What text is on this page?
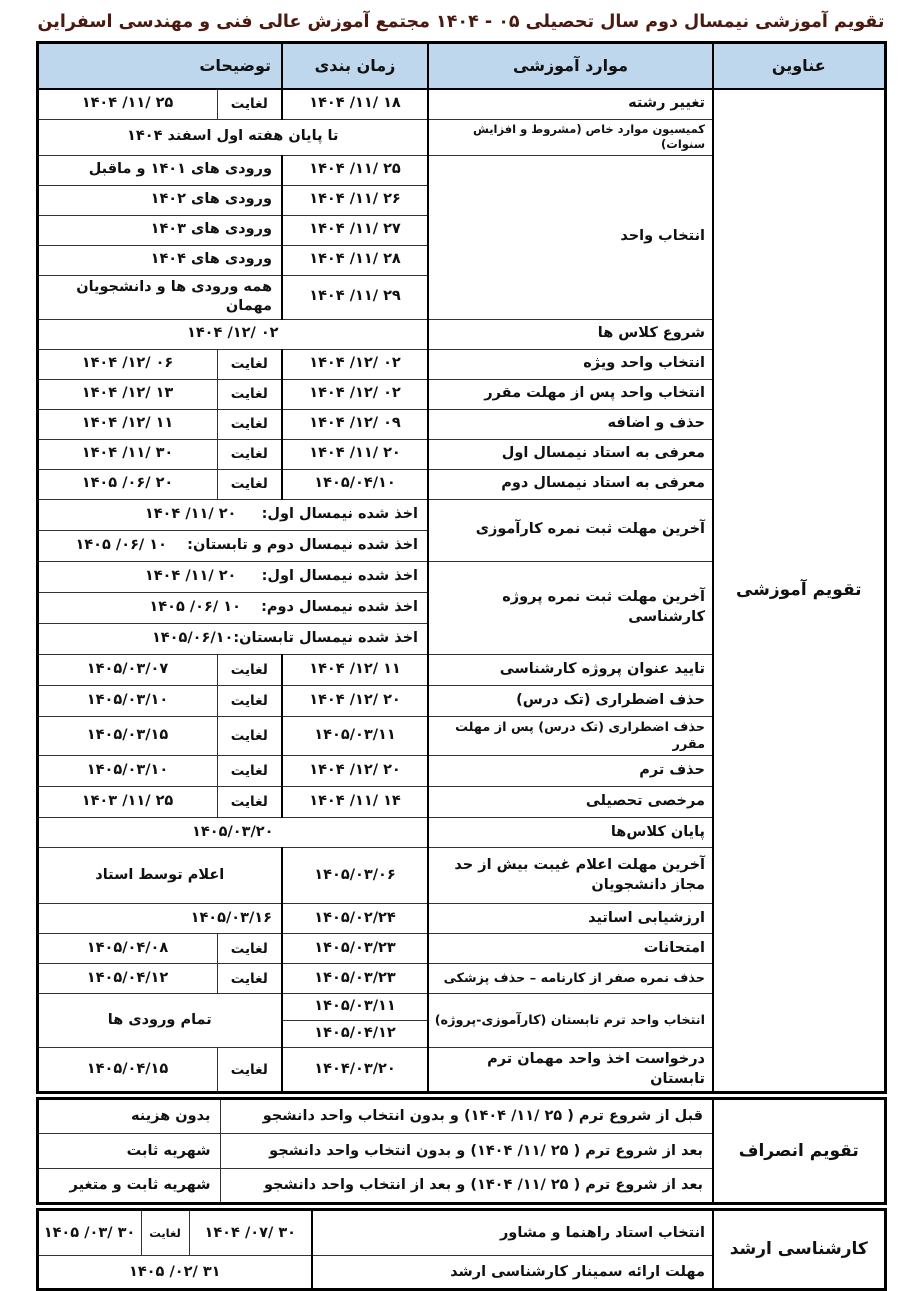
تقویم آموزشی نیمسال دوم سال تحصیلی ۰۵ - ۱۴۰۴ مجتمع آموزش عالی فنی و مهندسی اسفراین
عناوین	موارد آموزشی	زمان بندی	توضیحات	
تقویم آموزشی	تغییر رشته	۱۸ /۱۱/ ۱۴۰۴	لغایت	۲۵ /۱۱/ ۱۴۰۴
	کمیسیون موارد خاص (مشروط و افزایش سنوات)	تا پایان هفته اول اسفند ۱۴۰۴		
	انتخاب واحد	۲۵ /۱۱/ ۱۴۰۴	ورودی های ۱۴۰۱ و ماقبل	
		۲۶ /۱۱/ ۱۴۰۴	ورودی های ۱۴۰۲	
		۲۷ /۱۱/ ۱۴۰۴	ورودی های ۱۴۰۳	
		۲۸ /۱۱/ ۱۴۰۴	ورودی های ۱۴۰۴	
		۲۹ /۱۱/ ۱۴۰۴	همه ورودی ها و دانشجویان مهمان	
	شروع کلاس ها	۰۲ /۱۲/ ۱۴۰۴		
	انتخاب واحد ویژه	۰۲ /۱۲/ ۱۴۰۴	لغایت	۰۶ /۱۲/ ۱۴۰۴
	انتخاب واحد پس از مهلت مقرر	۰۲ /۱۲/ ۱۴۰۴	لغایت	۱۳ /۱۲/ ۱۴۰۴
	حذف و اضافه	۰۹ /۱۲/ ۱۴۰۴	لغایت	۱۱ /۱۲/ ۱۴۰۴
	معرفی به استاد نیمسال اول	۲۰ /۱۱/ ۱۴۰۴	لغایت	۳۰ /۱۱/ ۱۴۰۴
	معرفی به استاد نیمسال دوم	۱۴۰۵/۰۴/۱۰	لغایت	۲۰ /۰۶/ ۱۴۰۵
	آخرین مهلت ثبت نمره کارآموزی	اخذ شده نیمسال اول:     ۲۰ /۱۱/ ۱۴۰۴		
		اخذ شده نیمسال دوم و تابستان:    ۱۰ /۰۶/ ۱۴۰۵		
	آخرین مهلت ثبت نمره پروژه کارشناسی	اخذ شده نیمسال اول:     ۲۰ /۱۱/ ۱۴۰۴		
		اخذ شده نیمسال دوم:    ۱۰ /۰۶/ ۱۴۰۵		
		اخذ شده نیمسال تابستان:۱۴۰۵/۰۶/۱۰		
	تایید عنوان پروژه کارشناسی	۱۱ /۱۲/ ۱۴۰۴	لغایت	۱۴۰۵/۰۳/۰۷
	حذف اضطراری (تک درس)	۲۰ /۱۲/ ۱۴۰۴	لغایت	۱۴۰۵/۰۳/۱۰
	حذف اضطراری (تک درس) پس از مهلت مقرر	۱۴۰۵/۰۳/۱۱	لغایت	۱۴۰۵/۰۳/۱۵
	حذف ترم	۲۰ /۱۲/ ۱۴۰۴	لغایت	۱۴۰۵/۰۳/۱۰
	مرخصی تحصیلی	۱۴ /۱۱/ ۱۴۰۴	لغایت	۲۵ /۱۱/ ۱۴۰۳
	پایان کلاس‌ها	۱۴۰۵/۰۳/۲۰		
	آخرین مهلت اعلام غیبت بیش از حد مجاز دانشجویان	۱۴۰۵/۰۳/۰۶	اعلام توسط استاد	
	ارزشیابی اساتید	۱۴۰۵/۰۲/۲۴	۱۴۰۵/۰۳/۱۶	
	امتحانات	۱۴۰۵/۰۳/۲۳	لغایت	۱۴۰۵/۰۴/۰۸
	حذف نمره صفر از کارنامه – حذف پزشکی	۱۴۰۵/۰۳/۲۳	لغایت	۱۴۰۵/۰۴/۱۲
	انتخاب واحد ترم تابستان (کارآموزی-پروژه)	۱۴۰۵/۰۳/۱۱	تمام ورودی ها	
		۱۴۰۵/۰۴/۱۲		
	درخواست اخذ واحد مهمان ترم تابستان	۱۴۰۴/۰۳/۲۰	لغایت	۱۴۰۵/۰۴/۱۵
تقویم انصراف	قبل از شروع ترم ( ۲۵ /۱۱/ ۱۴۰۴) و بدون انتخاب واحد دانشجو	بدون هزینه
	بعد از شروع ترم ( ۲۵ /۱۱/ ۱۴۰۴) و بدون انتخاب واحد دانشجو	شهریه ثابت
	بعد از شروع ترم ( ۲۵ /۱۱/ ۱۴۰۴) و بعد از انتخاب واحد دانشجو	شهریه ثابت و متغیر
کارشناسی ارشد	انتخاب استاد راهنما و مشاور	۳۰ /۰۷/ ۱۴۰۴	لغایت	۳۰ /۰۳/ ۱۴۰۵
	مهلت ارائه سمینار کارشناسی ارشد	۳۱ /۰۲/ ۱۴۰۵		
